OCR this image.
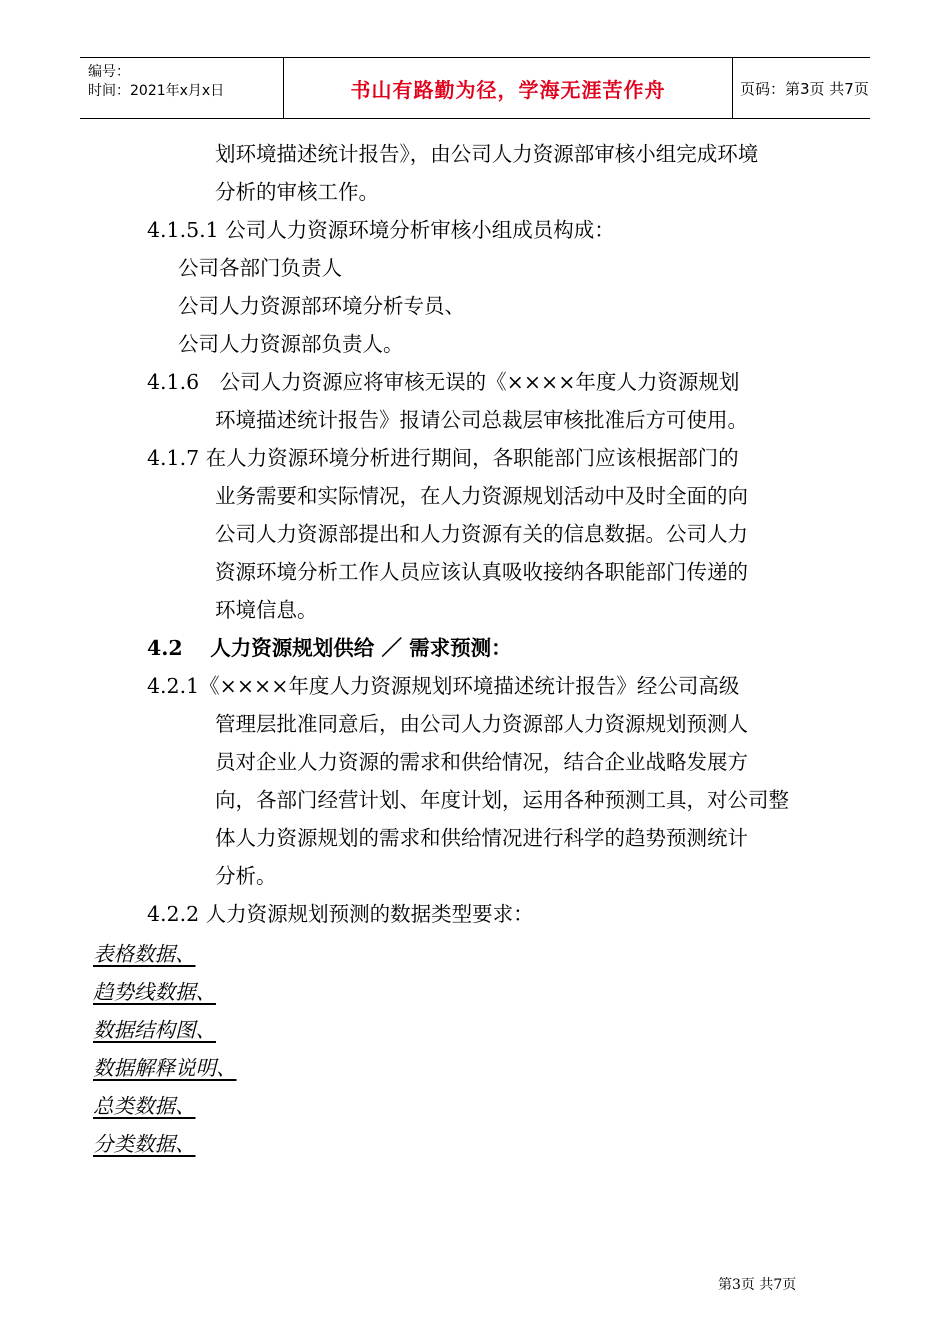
编号：
时间：2021年x月x日	书山有路勤为径，学海无涯苦作舟	页码：第3页 共7页
划环境描述统计报告》，由公司人力资源部审核小组完成环境
分析的审核工作。
4.1.5.1 公司人力资源环境分析审核小组成员构成：
公司各部门负责人
公司人力资源部环境分析专员、
公司人力资源部负责人。
4.1.6　公司人力资源应将审核无误的《××××年度人力资源规划
环境描述统计报告》报请公司总裁层审核批准后方可使用。
4.1.7 在人力资源环境分析进行期间，各职能部门应该根据部门的
业务需要和实际情况，在人力资源规划活动中及时全面的向
公司人力资源部提出和人力资源有关的信息数据。公司人力
资源环境分析工作人员应该认真吸收接纳各职能部门传递的
环境信息。
4.2　 人力资源规划供给 ／ 需求预测：
4.2.1《××××年度人力资源规划环境描述统计报告》经公司高级
管理层批准同意后，由公司人力资源部人力资源规划预测人
员对企业人力资源的需求和供给情况，结合企业战略发展方
向，各部门经营计划、年度计划，运用各种预测工具，对公司整
体人力资源规划的需求和供给情况进行科学的趋势预测统计
分析。
4.2.2 人力资源规划预测的数据类型要求：
表格数据、
趋势线数据、
数据结构图、
数据解释说明、
总类数据、
分类数据、
第3页 共7页
